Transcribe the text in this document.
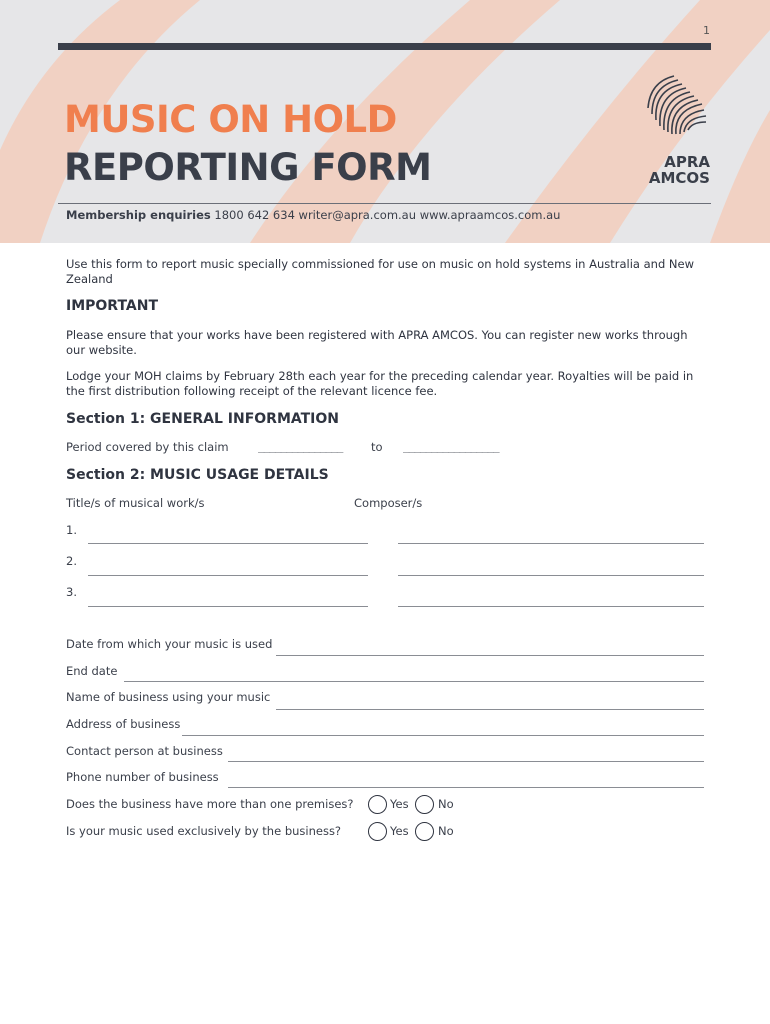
1
MUSIC ON HOLD
REPORTING FORM	APRA
AMCOS
Membership enquiries 1800 642 634 writer@apra.com.au www.apraamcos.com.au
Use this form to report music specially commissioned for use on music on hold systems in Australia and New Zealand
IMPORTANT
Please ensure that your works have been registered with APRA AMCOS. You can register new works through our website.
Lodge your MOH claims by February 28th each year for the preceding calendar year. Royalties will be paid in the first distribution following receipt of the relevant licence fee.
Section 1: GENERAL INFORMATION
Period covered by this claim	_______________ to _________________
Section 2: MUSIC USAGE DETAILS
Title/s of musical work/s	Composer/s
1.
2.
3.
Date from which your music is used
End date
Name of business using your music
Address of business
Contact person at business
Phone number of business
Does the business have more than one premises?	Yes	No
Is your music used exclusively by the business?	Yes	No
